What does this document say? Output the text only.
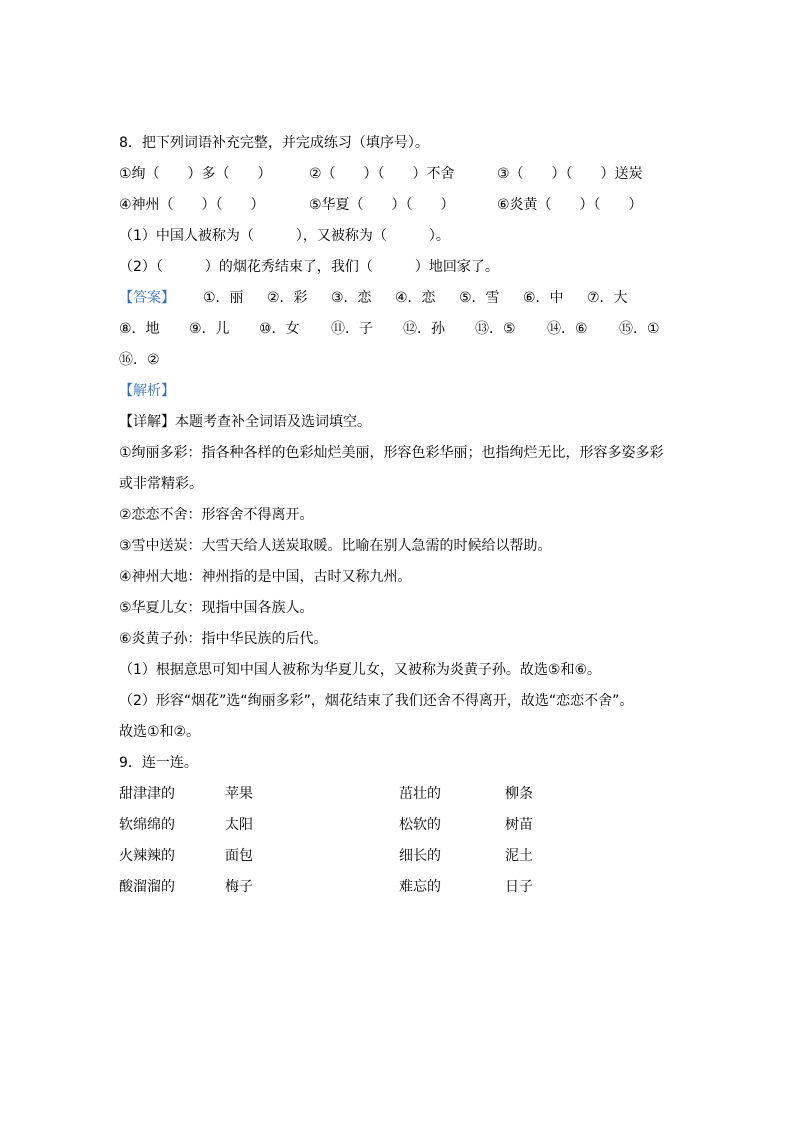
8．把下列词语补充完整，并完成练习（填序号）。
①绚（　　）多（　　）	②（　　）（　　）不舍	③（　　）（　　）送炭
④神州（　　）（　　）	⑤华夏（　　）（　　）	⑥炎黄（　　）（　　）
（1）中国人被称为（　　　），又被称为（　　　）。
（2）（　　　）的烟花秀结束了，我们（　　　）地回家了。
【答案】 ①．丽 ②．彩 ③．恋 ④．恋 ⑤．雪 ⑥．中 ⑦．大
⑧．地 ⑨．儿 ⑩．女 ⑪．子 ⑫．孙 ⑬．⑤ ⑭．⑥ ⑮．①
⑯．②
【解析】
【详解】本题考查补全词语及选词填空。
①绚丽多彩：指各种各样的色彩灿烂美丽，形容色彩华丽；也指绚烂无比，形容多姿多彩
或非常精彩。
②恋恋不舍：形容舍不得离开。
③雪中送炭：大雪天给人送炭取暖。比喻在别人急需的时候给以帮助。
④神州大地：神州指的是中国，古时又称九州。
⑤华夏儿女：现指中国各族人。
⑥炎黄子孙：指中华民族的后代。
（1）根据意思可知中国人被称为华夏儿女，又被称为炎黄子孙。故选⑤和⑥。
（2）形容“烟花”选“绚丽多彩”，烟花结束了我们还舍不得离开，故选“恋恋不舍”。
故选①和②。
9．连一连。
甜津津的	苹果	茁壮的	柳条
软绵绵的	太阳	松软的	树苗
火辣辣的	面包	细长的	泥土
酸溜溜的	梅子	难忘的	日子
